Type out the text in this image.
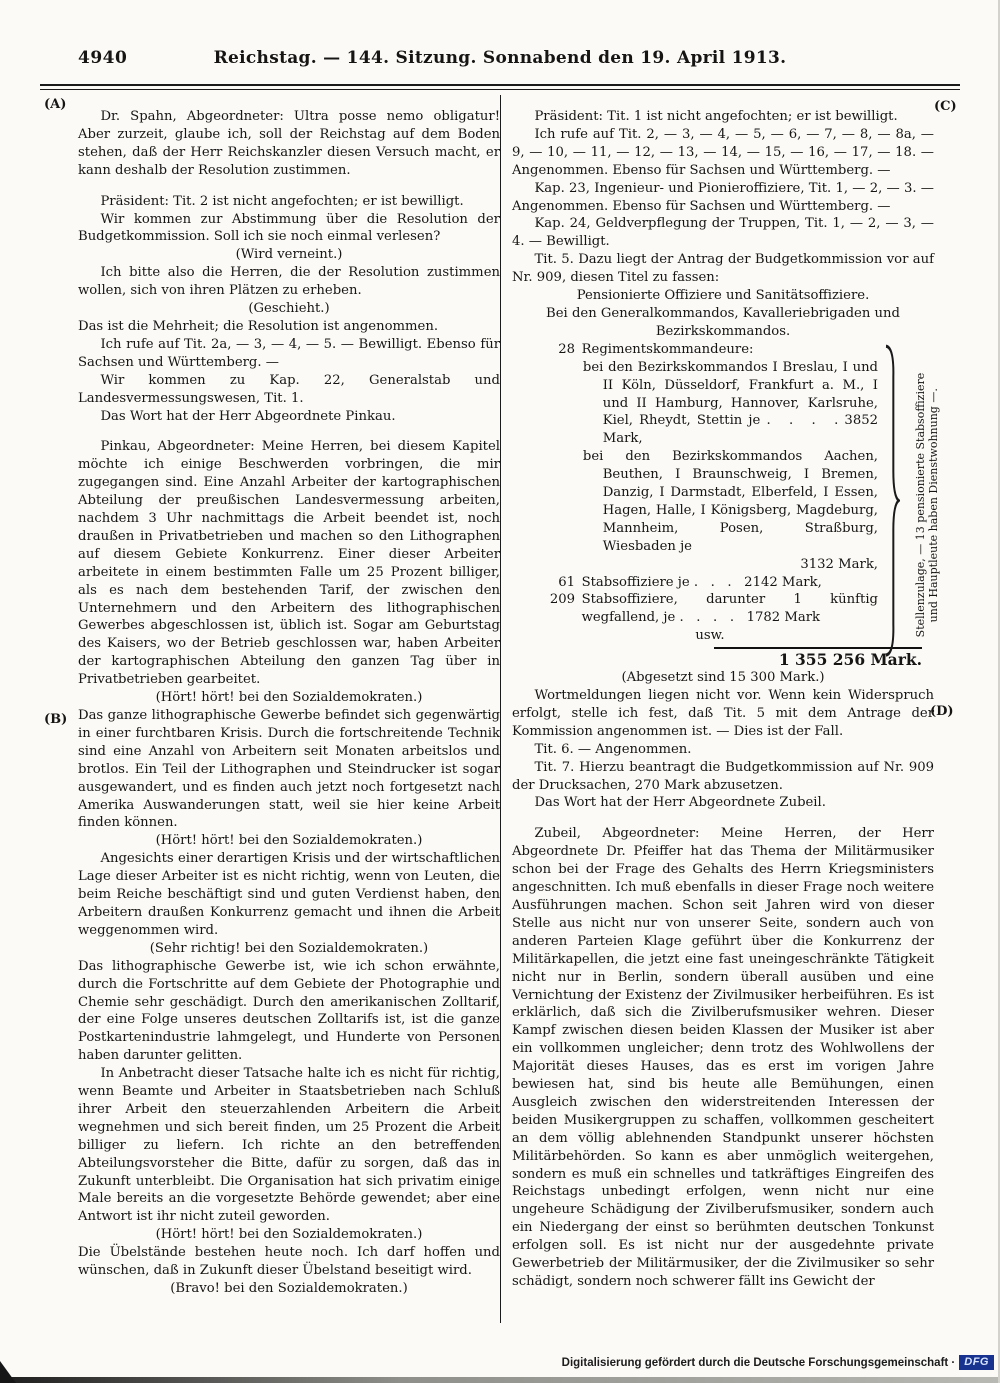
4940	Reichstag. — 144. Sitzung. Sonnabend den 19. April 1913.
(A)
(B)
(C)
(D)

Dr. Spahn, Abgeordneter: Ultra posse nemo obligatur! Aber zurzeit, glaube ich, soll der Reichstag auf dem Boden stehen, daß der Herr Reichskanzler diesen Versuch macht, er kann deshalb der Resolution zustimmen.

Präsident: Tit. 2 ist nicht angefochten; er ist bewilligt.

Wir kommen zur Abstimmung über die Resolution der Budgetkommission. Soll ich sie noch einmal verlesen?

(Wird verneint.)

Ich bitte also die Herren, die der Resolution zustimmen wollen, sich von ihren Plätzen zu erheben.

(Geschieht.)

Das ist die Mehrheit; die Resolution ist angenommen.

Ich rufe auf Tit. 2a, — 3, — 4, — 5. — Bewilligt. Ebenso für Sachsen und Württemberg. —

Wir kommen zu Kap. 22, Generalstab und Landesvermessungswesen, Tit. 1.

Das Wort hat der Herr Abgeordnete Pinkau.

Pinkau, Abgeordneter: Meine Herren, bei diesem Kapitel möchte ich einige Beschwerden vorbringen, die mir zugegangen sind. Eine Anzahl Arbeiter der kartographischen Abteilung der preußischen Landesvermessung arbeiten, nachdem 3 Uhr nachmittags die Arbeit beendet ist, noch draußen in Privatbetrieben und machen so den Lithographen auf diesem Gebiete Konkurrenz. Einer dieser Arbeiter arbeitete in einem bestimmten Falle um 25 Prozent billiger, als es nach dem bestehenden Tarif, der zwischen den Unternehmern und den Arbeitern des lithographischen Gewerbes abgeschlossen ist, üblich ist. Sogar am Geburtstag des Kaisers, wo der Betrieb geschlossen war, haben Arbeiter der kartographischen Abteilung den ganzen Tag über in Privatbetrieben gearbeitet.

(Hört! hört! bei den Sozialdemokraten.)

Das ganze lithographische Gewerbe befindet sich gegenwärtig in einer furchtbaren Krisis. Durch die fortschreitende Technik sind eine Anzahl von Arbeitern seit Monaten arbeitslos und brotlos. Ein Teil der Lithographen und Steindrucker ist sogar ausgewandert, und es finden auch jetzt noch fortgesetzt nach Amerika Auswanderungen statt, weil sie hier keine Arbeit finden können.

(Hört! hört! bei den Sozialdemokraten.)

Angesichts einer derartigen Krisis und der wirtschaftlichen Lage dieser Arbeiter ist es nicht richtig, wenn von Leuten, die beim Reiche beschäftigt sind und guten Verdienst haben, den Arbeitern draußen Konkurrenz gemacht und ihnen die Arbeit weggenommen wird.

(Sehr richtig! bei den Sozialdemokraten.)

Das lithographische Gewerbe ist, wie ich schon erwähnte, durch die Fortschritte auf dem Gebiete der Photographie und Chemie sehr geschädigt. Durch den amerikanischen Zolltarif, der eine Folge unseres deutschen Zolltarifs ist, ist die ganze Postkartenindustrie lahmgelegt, und Hunderte von Personen haben darunter gelitten.

In Anbetracht dieser Tatsache halte ich es nicht für richtig, wenn Beamte und Arbeiter in Staatsbetrieben nach Schluß ihrer Arbeit den steuerzahlenden Arbeitern die Arbeit wegnehmen und sich bereit finden, um 25 Prozent die Arbeit billiger zu liefern. Ich richte an den betreffenden Abteilungsvorsteher die Bitte, dafür zu sorgen, daß das in Zukunft unterbleibt. Die Organisation hat sich privatim einige Male bereits an die vorgesetzte Behörde gewendet; aber eine Antwort ist ihr nicht zuteil geworden.

(Hört! hört! bei den Sozialdemokraten.)

Die Übelstände bestehen heute noch. Ich darf hoffen und wünschen, daß in Zukunft dieser Übelstand beseitigt wird.

(Bravo! bei den Sozialdemokraten.)

Präsident: Tit. 1 ist nicht angefochten; er ist bewilligt.

Ich rufe auf Tit. 2, — 3, — 4, — 5, — 6, — 7, — 8, — 8a, — 9, — 10, — 11, — 12, — 13, — 14, — 15, — 16, — 17, — 18. — Angenommen. Ebenso für Sachsen und Württemberg. —

Kap. 23, Ingenieur- und Pionieroffiziere, Tit. 1, — 2, — 3. — Angenommen. Ebenso für Sachsen und Württemberg. —

Kap. 24, Geldverpflegung der Truppen, Tit. 1, — 2, — 3, — 4. — Bewilligt.

Tit. 5. Dazu liegt der Antrag der Budgetkommission vor auf Nr. 909, diesen Titel zu fassen:

Pensionierte Offiziere und Sanitätsoffiziere.

Bei den Generalkommandos, Kavalleriebrigaden und Bezirkskommandos.

28 Regimentskommandeure:

bei den Bezirkskommandos I Breslau, I und II Köln, Düsseldorf, Frankfurt a. M., I und II Hamburg, Hannover, Karlsruhe, Kiel, Rheydt, Stettin je .   .   .   . 3852 Mark,

bei den Bezirkskommandos Aachen, Beuthen, I Braunschweig, I Bremen, Danzig, I Darmstadt, Elberfeld, I Essen, Hagen, Halle, I Königsberg, Magdeburg, Mannheim, Posen, Straßburg, Wiesbaden je

3132 Mark,

61 Stabsoffiziere je .   .   .   2142 Mark,

209 Stabsoffiziere, darunter 1 künftig wegfallend, je .   .   .   .   1782 Mark

usw.

1 355 256 Mark.

Stellenzulage, — 13 pensionierte Stabsoffiziere und Hauptleute haben Dienstwohnung —.

(Abgesetzt sind 15 300 Mark.)

Wortmeldungen liegen nicht vor. Wenn kein Widerspruch erfolgt, stelle ich fest, daß Tit. 5 mit dem Antrage der Kommission angenommen ist. — Dies ist der Fall.

Tit. 6. — Angenommen.

Tit. 7. Hierzu beantragt die Budgetkommission auf Nr. 909 der Drucksachen, 270 Mark abzusetzen.

Das Wort hat der Herr Abgeordnete Zubeil.

Zubeil, Abgeordneter: Meine Herren, der Herr Abgeordnete Dr. Pfeiffer hat das Thema der Militärmusiker schon bei der Frage des Gehalts des Herrn Kriegsministers angeschnitten. Ich muß ebenfalls in dieser Frage noch weitere Ausführungen machen. Schon seit Jahren wird von dieser Stelle aus nicht nur von unserer Seite, sondern auch von anderen Parteien Klage geführt über die Konkurrenz der Militärkapellen, die jetzt eine fast uneingeschränkte Tätigkeit nicht nur in Berlin, sondern überall ausüben und eine Vernichtung der Existenz der Zivilmusiker herbeiführen. Es ist erklärlich, daß sich die Zivilberufsmusiker wehren. Dieser Kampf zwischen diesen beiden Klassen der Musiker ist aber ein vollkommen ungleicher; denn trotz des Wohlwollens der Majorität dieses Hauses, das es erst im vorigen Jahre bewiesen hat, sind bis heute alle Bemühungen, einen Ausgleich zwischen den widerstreitenden Interessen der beiden Musikergruppen zu schaffen, vollkommen gescheitert an dem völlig ablehnenden Standpunkt unserer höchsten Militärbehörden. So kann es aber unmöglich weitergehen, sondern es muß ein schnelles und tatkräftiges Eingreifen des Reichstags unbedingt erfolgen, wenn nicht nur eine ungeheure Schädigung der Zivilberufsmusiker, sondern auch ein Niedergang der einst so berühmten deutschen Tonkunst erfolgen soll. Es ist nicht nur der ausgedehnte private Gewerbetrieb der Militärmusiker, der die Zivilmusiker so sehr schädigt, sondern noch schwerer fällt ins Gewicht der

Digitalisierung gefördert durch die Deutsche Forschungsgemeinschaft · DFG
